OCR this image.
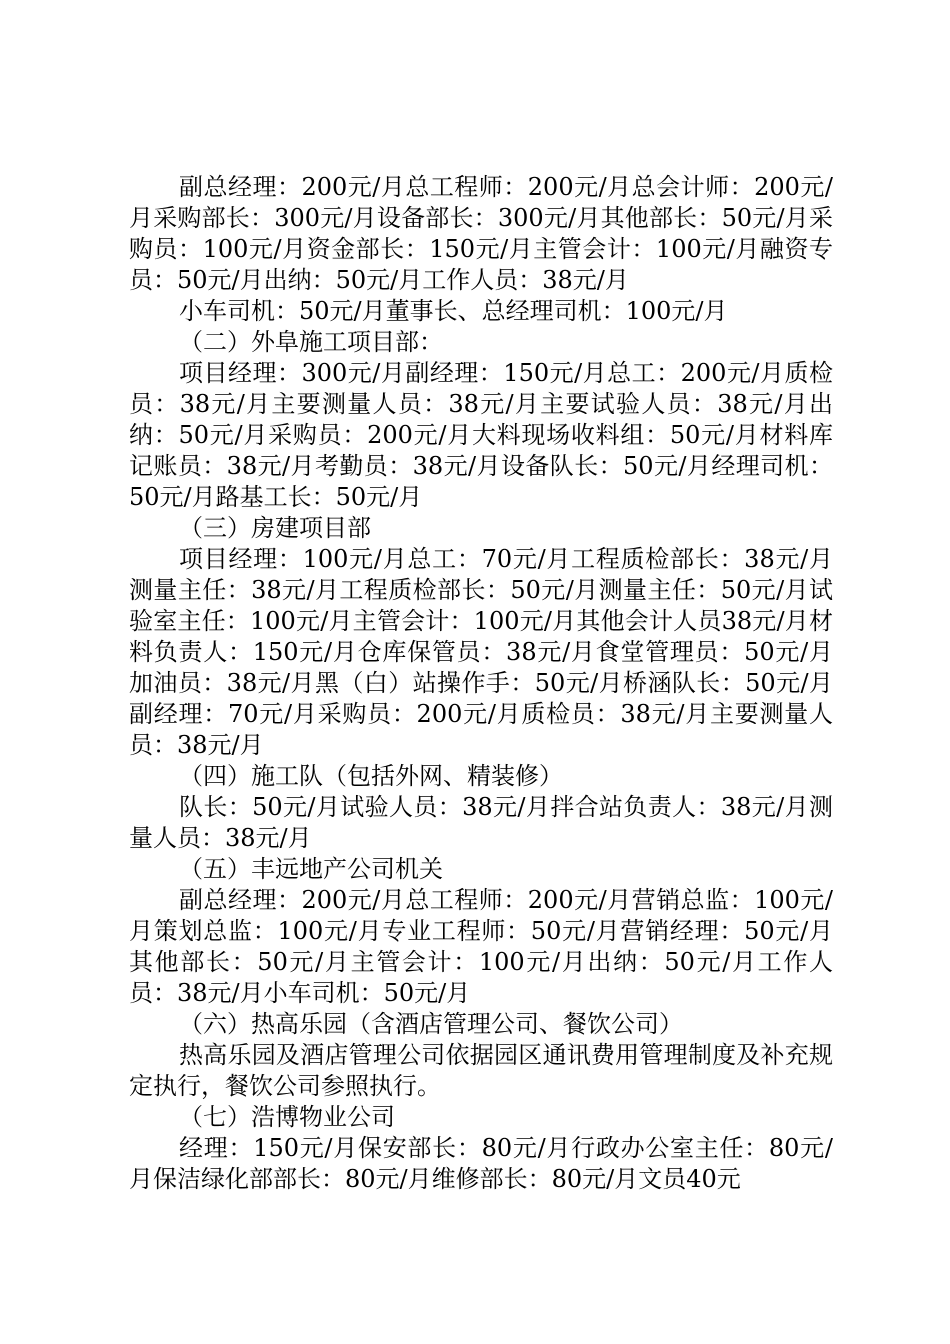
副总经理：200元/月总工程师：200元/月总会计师：200元/月采购部长：300元/月设备部长：300元/月其他部长：50元/月采购员：100元/月资金部长：150元/月主管会计：100元/月融资专员：50元/月出纳：50元/月工作人员：38元/月

小车司机：50元/月董事长、总经理司机：100元/月

（二）外阜施工项目部：

项目经理：300元/月副经理：150元/月总工：200元/月质检员：38元/月主要测量人员：38元/月主要试验人员：38元/月出纳：50元/月采购员：200元/月大料现场收料组：50元/月材料库记账员：38元/月考勤员：38元/月设备队长：50元/月经理司机：50元/月路基工长：50元/月

（三）房建项目部

项目经理：100元/月总工：70元/月工程质检部长：38元/月测量主任：38元/月工程质检部长：50元/月测量主任：50元/月试验室主任：100元/月主管会计：100元/月其他会计人员38元/月材料负责人：150元/月仓库保管员：38元/月食堂管理员：50元/月加油员：38元/月黑（白）站操作手：50元/月桥涵队长：50元/月副经理：70元/月采购员：200元/月质检员：38元/月主要测量人员：38元/月

（四）施工队（包括外网、精装修）

队长：50元/月试验人员：38元/月拌合站负责人：38元/月测量人员：38元/月

（五）丰远地产公司机关

副总经理：200元/月总工程师：200元/月营销总监：100元/月策划总监：100元/月专业工程师：50元/月营销经理：50元/月其他部长：50元/月主管会计：100元/月出纳：50元/月工作人员：38元/月小车司机：50元/月

（六）热高乐园（含酒店管理公司、餐饮公司）

热高乐园及酒店管理公司依据园区通讯费用管理制度及补充规定执行，餐饮公司参照执行。

（七）浩博物业公司

经理：150元/月保安部长：80元/月行政办公室主任：80元/月保洁绿化部部长：80元/月维修部长：80元/月文员40元
